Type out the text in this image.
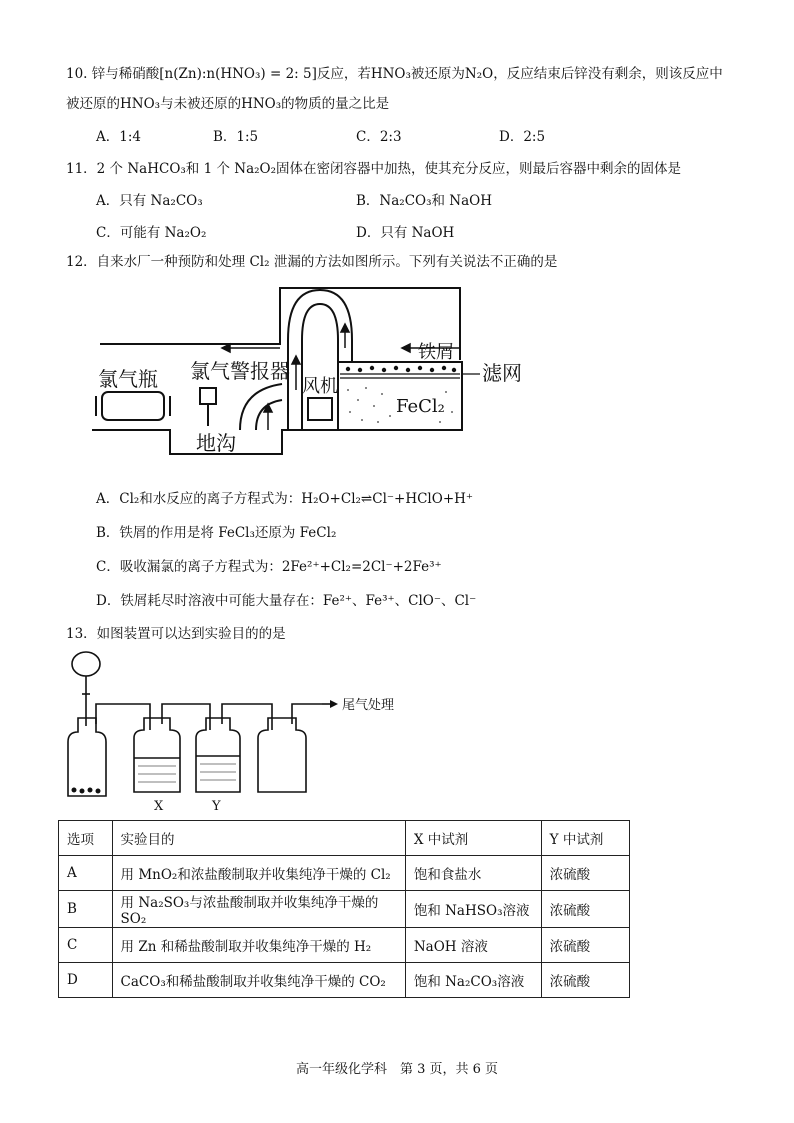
10. 锌与稀硝酸[n(Zn):n(HNO₃) = 2: 5]反应，若HNO₃被还原为N₂O，反应结束后锌没有剩余，则该反应中
被还原的HNO₃与未被还原的HNO₃的物质的量之比是
A．1:4	B．1:5	C．2:3	D．2:5
11．2 个 NaHCO₃和 1 个 Na₂O₂固体在密闭容器中加热，使其充分反应，则最后容器中剩余的固体是
A．只有 Na₂CO₃	B．Na₂CO₃和 NaOH
C．可能有 Na₂O₂	D．只有 NaOH
12．自来水厂一种预防和处理 Cl₂ 泄漏的方法如图所示。下列有关说法不正确的是
氯气瓶 氯气警报器
风机
铁屑
滤网
FeCl₂
地沟
A．Cl₂和水反应的离子方程式为：H₂O+Cl₂⇌Cl⁻+HClO+H⁺
B．铁屑的作用是将 FeCl₃还原为 FeCl₂
C．吸收漏氯的离子方程式为：2Fe²⁺+Cl₂=2Cl⁻+2Fe³⁺
D．铁屑耗尽时溶液中可能大量存在：Fe²⁺、Fe³⁺、ClO⁻、Cl⁻
13．如图装置可以达到实验目的的是
尾气处理
X	Y
选项	实验目的	X 中试剂	Y 中试剂
A	用 MnO₂和浓盐酸制取并收集纯净干燥的 Cl₂	饱和食盐水	浓硫酸
B	用 Na₂SO₃与浓盐酸制取并收集纯净干燥的 SO₂	饱和 NaHSO₃溶液	浓硫酸
C	用 Zn 和稀盐酸制取并收集纯净干燥的 H₂	NaOH 溶液	浓硫酸
D	CaCO₃和稀盐酸制取并收集纯净干燥的 CO₂	饱和 Na₂CO₃溶液	浓硫酸
高一年级化学科　第 3 页，共 6 页
